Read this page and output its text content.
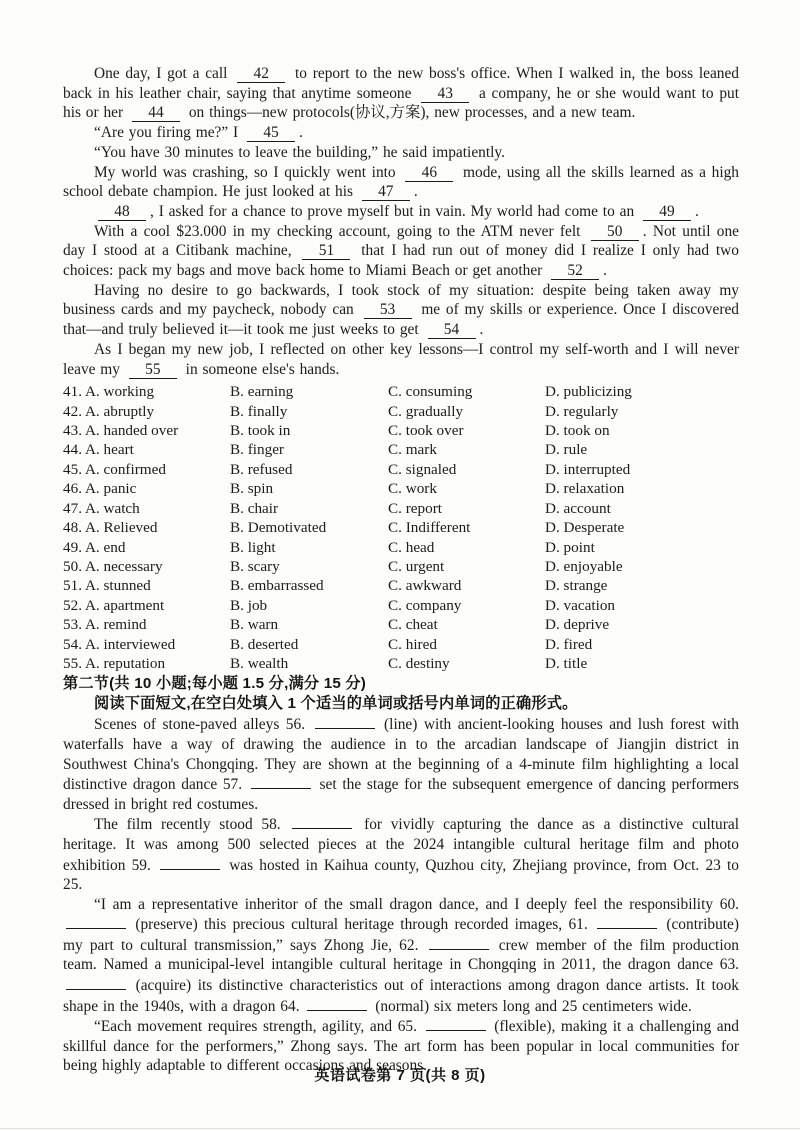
One day, I got a call 42 to report to the new boss's office. When I walked in, the boss leaned back in his leather chair, saying that anytime someone 43 a company, he or she would want to put his or her 44 on things—new protocols(协议,方案), new processes, and a new team.
“Are you firing me?” I 45 .
“You have 30 minutes to leave the building,” he said impatiently.
My world was crashing, so I quickly went into 46 mode, using all the skills learned as a high school debate champion. He just looked at his 47 .
48 , I asked for a chance to prove myself but in vain. My world had come to an 49 .
With a cool $23.000 in my checking account, going to the ATM never felt 50 . Not until one day I stood at a Citibank machine, 51 that I had run out of money did I realize I only had two choices: pack my bags and move back home to Miami Beach or get another 52 .
Having no desire to go backwards, I took stock of my situation: despite being taken away my business cards and my paycheck, nobody can 53 me of my skills or experience. Once I discovered that—and truly believed it—it took me just weeks to get 54 .
As I began my new job, I reflected on other key lessons—I control my self-worth and I will never leave my 55 in someone else's hands.
41. A. working	B. earning	C. consuming	D. publicizing
42. A. abruptly	B. finally	C. gradually	D. regularly
43. A. handed over	B. took in	C. took over	D. took on
44. A. heart	B. finger	C. mark	D. rule
45. A. confirmed	B. refused	C. signaled	D. interrupted
46. A. panic	B. spin	C. work	D. relaxation
47. A. watch	B. chair	C. report	D. account
48. A. Relieved	B. Demotivated	C. Indifferent	D. Desperate
49. A. end	B. light	C. head	D. point
50. A. necessary	B. scary	C. urgent	D. enjoyable
51. A. stunned	B. embarrassed	C. awkward	D. strange
52. A. apartment	B. job	C. company	D. vacation
53. A. remind	B. warn	C. cheat	D. deprive
54. A. interviewed	B. deserted	C. hired	D. fired
55. A. reputation	B. wealth	C. destiny	D. title
第二节(共 10 小题;每小题 1.5 分,满分 15 分)
阅读下面短文,在空白处填入 1 个适当的单词或括号内单词的正确形式。
Scenes of stone-paved alleys 56.	(line) with ancient-looking houses and lush forest with waterfalls have a way of drawing the audience in to the arcadian landscape of Jiangjin district in Southwest China's Chongqing. They are shown at the beginning of a 4-minute film highlighting a local distinctive dragon dance 57.	set the stage for the subsequent emergence of dancing performers dressed in bright red costumes.
The film recently stood 58.	for vividly capturing the dance as a distinctive cultural heritage. It was among 500 selected pieces at the 2024 intangible cultural heritage film and photo exhibition 59.	was hosted in Kaihua county, Quzhou city, Zhejiang province, from Oct. 23 to 25.
“I am a representative inheritor of the small dragon dance, and I deeply feel the responsibility 60.  (preserve) this precious cultural heritage through recorded images, 61.	(contribute) my part to cultural transmission,” says Zhong Jie, 62.	crew member of the film production team. Named a municipal-level intangible cultural heritage in Chongqing in 2011, the dragon dance 63.  (acquire) its distinctive characteristics out of interactions among dragon dance artists. It took shape in the 1940s, with a dragon 64.	(normal) six meters long and 25 centimeters wide.
“Each movement requires strength, agility, and 65.	(flexible), making it a challenging and skillful dance for the performers,” Zhong says. The art form has been popular in local communities for being highly adaptable to different occasions and seasons.
英语试卷第 7 页(共 8 页)
